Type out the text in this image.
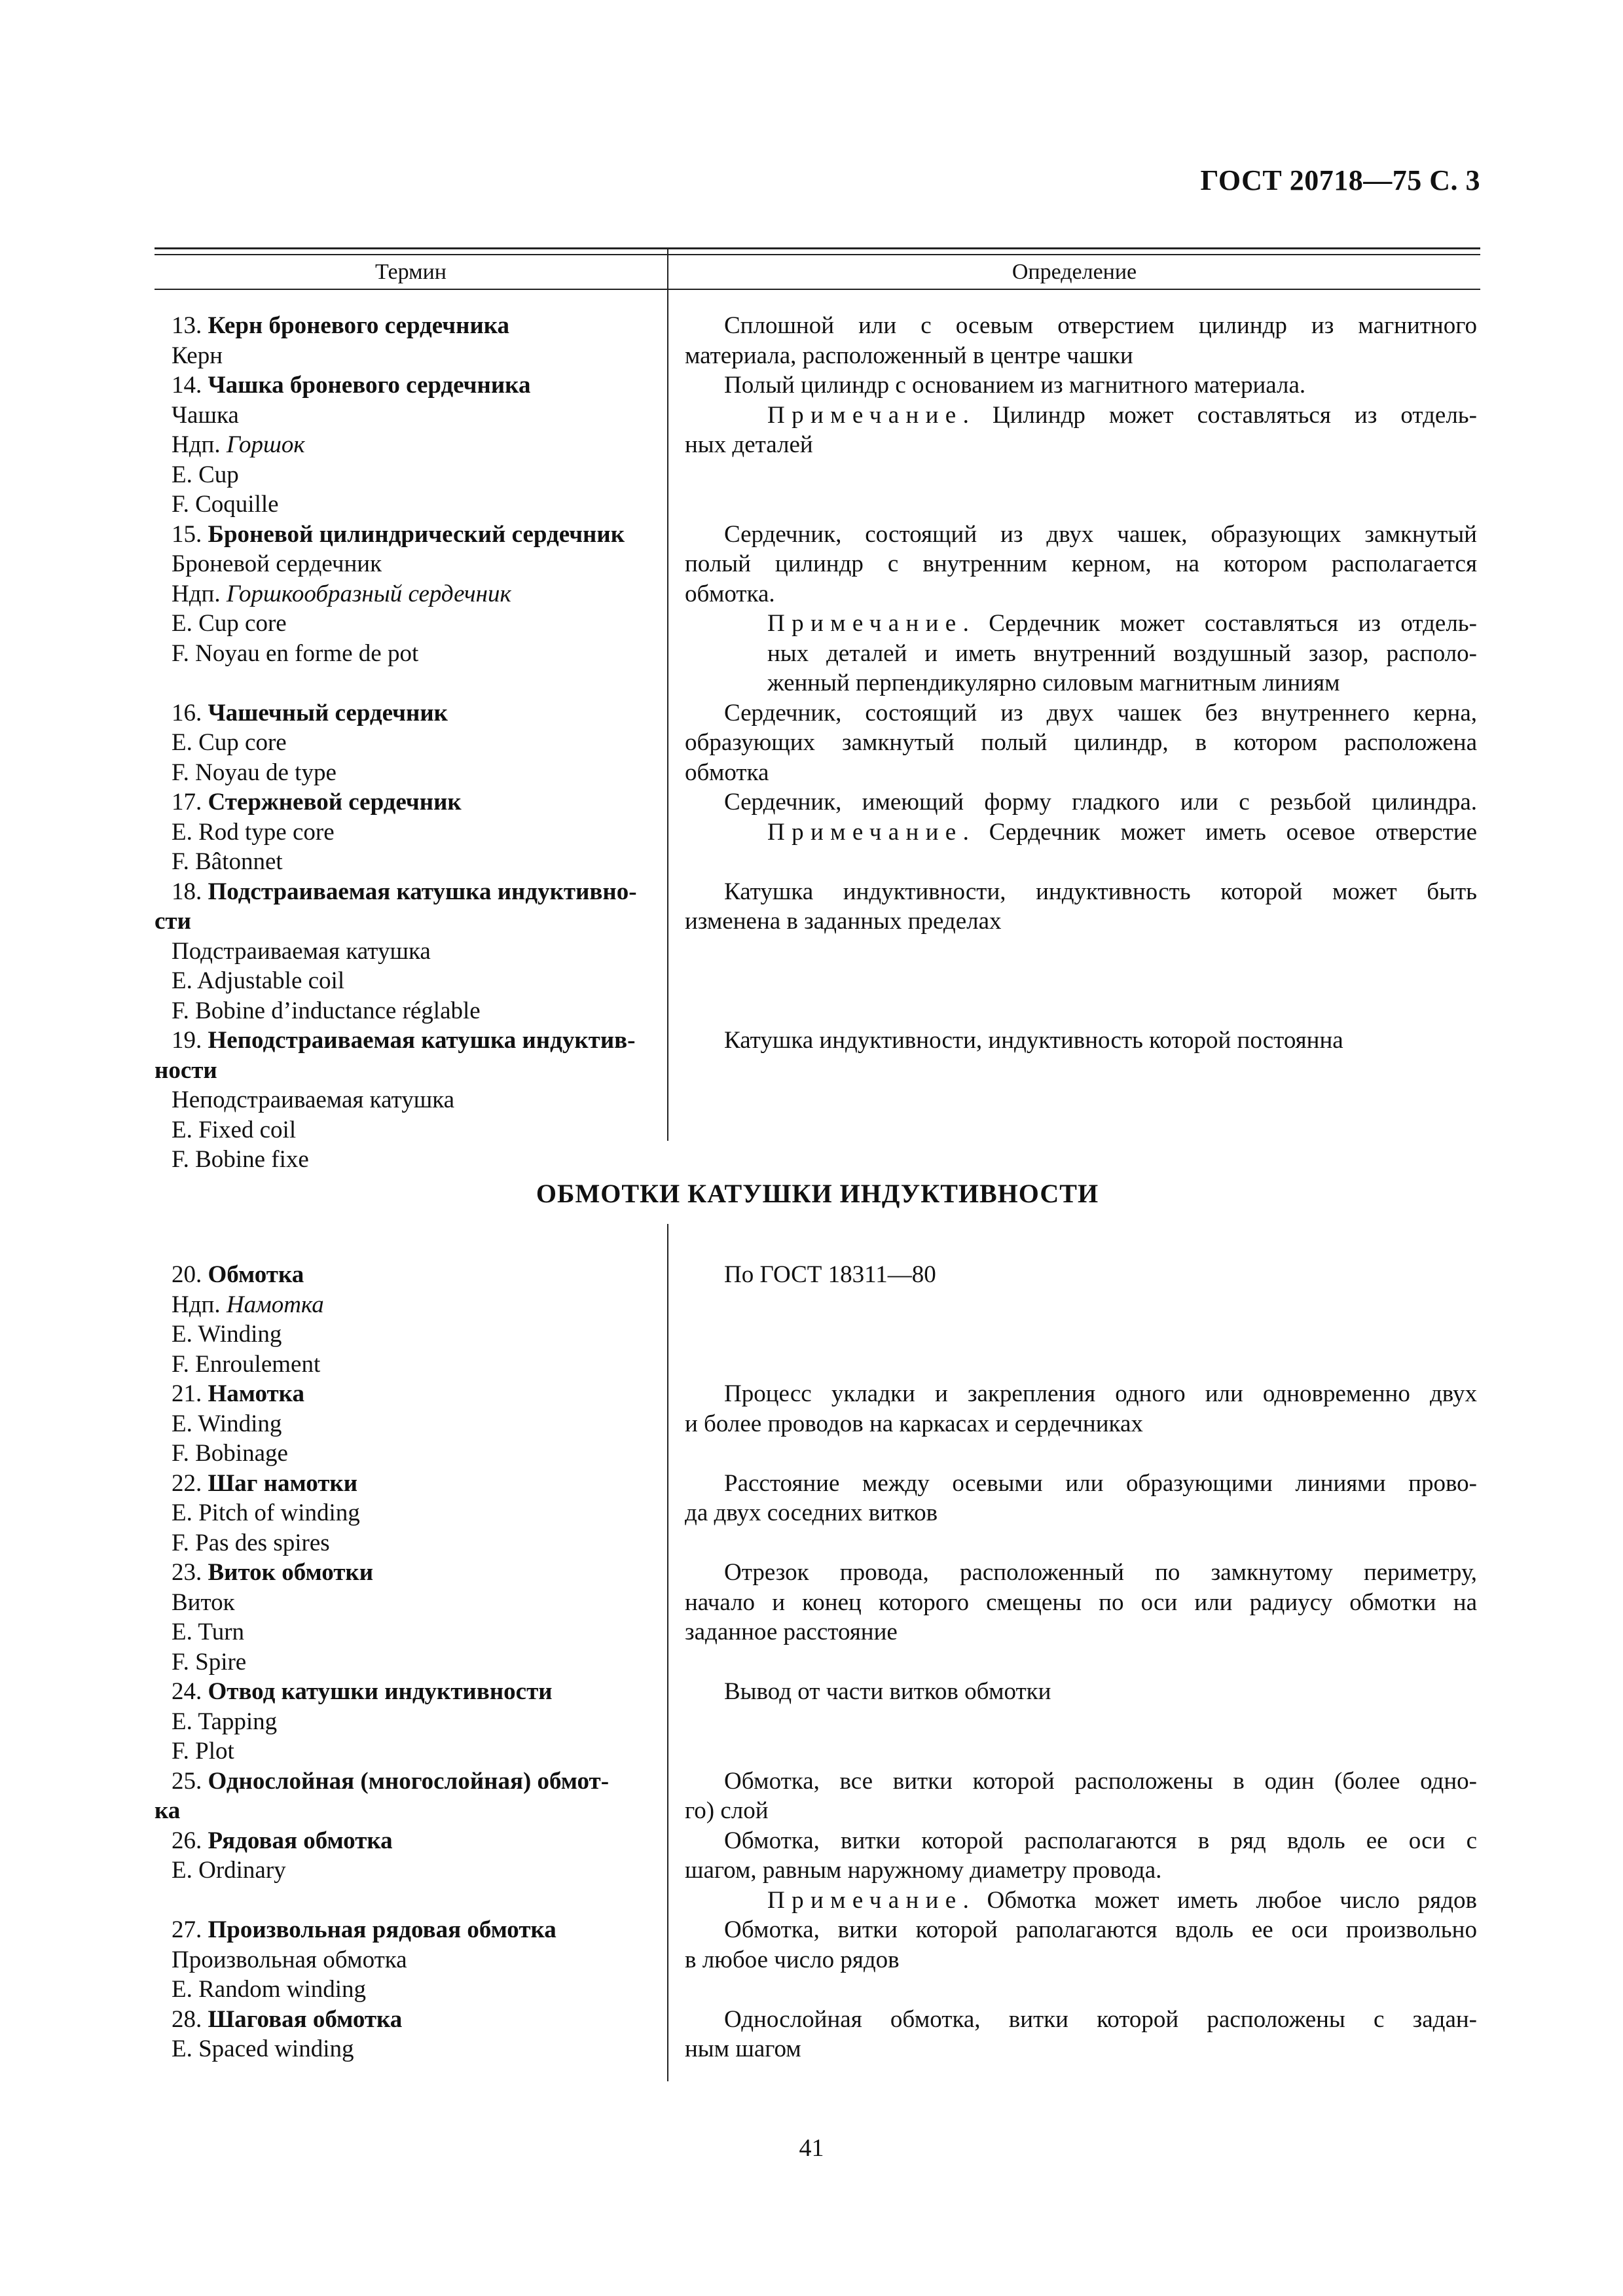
ГОСТ 20718—75 С. 3
Термин	Определение
13. Керн броневого сердечника
Керн
14. Чашка броневого сердечника
Чашка
Ндп. Горшок
E. Cup
F. Coquille
15. Броневой цилиндрический сердечник
Броневой сердечник
Ндп. Горшкообразный сердечник
E. Cup core
F. Noyau en forme de pot

16. Чашечный сердечник
E. Cup core
F. Noyau de type
17. Стержневой сердечник
E. Rod type core
F. Bâtonnet
18. Подстраиваемая катушка индуктивно-
сти
Подстраиваемая катушка
E. Adjustable coil
F. Bobine d’inductance réglable
19. Неподстраиваемая катушка индуктив-
ности
Неподстраиваемая катушка
E. Fixed coil
F. Bobine fixe
Сплошной или с осевым отверстием цилиндр из магнитного
материала, расположенный в центре чашки
Полый цилиндр с основанием из магнитного материала.
Примечание. Цилиндр может составляться из отдель-
ных деталей

Сердечник, состоящий из двух чашек, образующих замкнутый
полый цилиндр с внутренним керном, на котором располагается
обмотка.
Примечание. Сердечник может составляться из отдель-
ных деталей и иметь внутренний воздушный зазор, располо-
женный перпендикулярно силовым магнитным линиям
Сердечник, состоящий из двух чашек без внутреннего керна,
образующих замкнутый полый цилиндр, в котором расположена
обмотка
Сердечник, имеющий форму гладкого или с резьбой цилиндра.
Примечание. Сердечник может иметь осевое отверстие

Катушка индуктивности, индуктивность которой может быть
изменена в заданных пределах

Катушка индуктивности, индуктивность которой постоянна
ОБМОТКИ КАТУШКИ ИНДУКТИВНОСТИ
20. Обмотка
Ндп. Намотка
E. Winding
F. Enroulement
21. Намотка
E. Winding
F. Bobinage
22. Шаг намотки
E. Pitch of winding
F. Pas des spires
23. Виток обмотки
Виток
E. Turn
F. Spire
24. Отвод катушки индуктивности
E. Tapping
F. Plot
25. Однослойная (многослойная) обмот-
ка
26. Рядовая обмотка
E. Ordinary

27. Произвольная рядовая обмотка
Произвольная обмотка
E. Random winding
28. Шаговая обмотка
E. Spaced winding
По ГОСТ 18311—80

Процесс укладки и закрепления одного или одновременно двух
и более проводов на каркасах и сердечниках

Расстояние между осевыми или образующими линиями прово-
да двух соседних витков

Отрезок провода, расположенный по замкнутому периметру,
начало и конец которого смещены по оси или радиусу обмотки на
заданное расстояние

Вывод от части витков обмотки

Обмотка, все витки которой расположены в один (более одно-
го) слой
Обмотка, витки которой располагаются в ряд вдоль ее оси с
шагом, равным наружному диаметру провода.
Примечание. Обмотка может иметь любое число рядов
Обмотка, витки которой раполагаются вдоль ее оси произвольно
в любое число рядов

Однослойная обмотка, витки которой расположены с задан-
ным шагом
41
